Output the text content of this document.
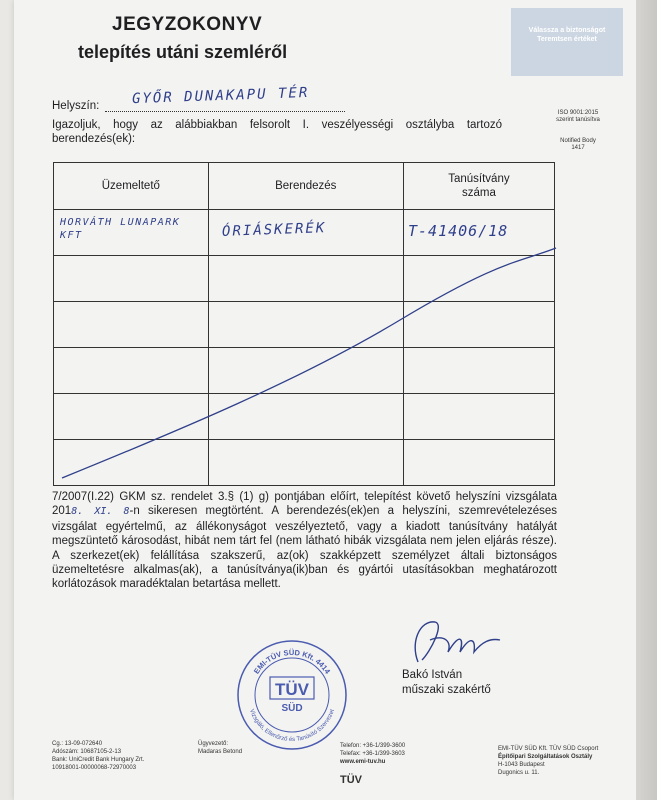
JEGYZOKONYV
telepítés utáni szemléről
Válassza a biztonságot
Teremtsen értéket
ISO 9001:2015
szerint tanúsítva
Notified Body
1417
Helyszín: GYŐR DUNAKAPU TÉR
Igazoljuk, hogy az alábbiakban felsorolt I. veszélyességi osztályba tartozó berendezés(ek):
Üzemeltető	Berendezés	Tanúsítvány száma

HORVÁTH LUNAPARK KFT	ÓRIÁSKERÉK	T-41406/18
7/2007(I.22) GKM sz. rendelet 3.§ (1) g) pontjában előírt, telepítést követő helyszíni vizsgálata 2018. XI. 8-n sikeresen megtörtént. A berendezés(ek)en a helyszíni, szemrevételezéses vizsgálat egyértelmű, az állékonyságot veszélyeztető, vagy a kiadott tanúsítvány hatályát megszüntető károsodást, hibát nem tárt fel (nem látható hibák vizsgálata nem jelen eljárás része). A szerkezet(ek) felállítása szakszerű, az(ok) szakképzett személyzet általi biztonságos üzemeltetésre alkalmas(ak), a tanúsítványa(ik)ban és gyártói utasításokban meghatározott korlátozások maradéktalan betartása mellett.
Bakó István
műszaki szakértő
EMI-TÜV SÜD Kft. 4414
Vizsgáló, Ellenőrző és Tanúsító Szervezet
TÜV
SÜD
Cg.: 13-09-072640
Adószám: 10687105-2-13
Bank: UniCredit Bank Hungary Zrt.
10918001-00000068-72970003
Ügyvezető:
Madaras Betond
Telefon: +36-1/399-3600
Telefax: +36-1/399-3603
www.emi-tuv.hu
TÜV
EMI-TÜV SÜD Kft. TÜV SÜD Csoport
Építőipari Szolgáltatások Osztály
H-1043 Budapest
Dugonics u. 11.
